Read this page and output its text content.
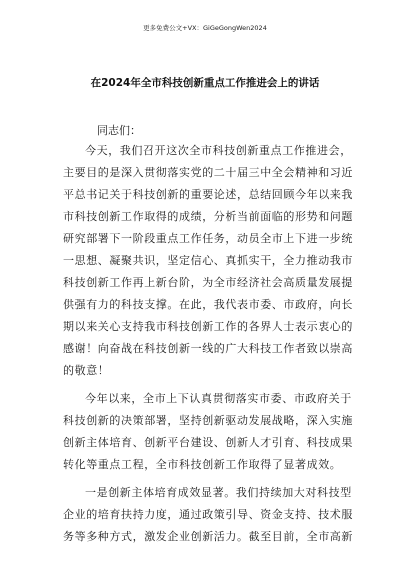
更多免费公文+VX：GiGeGongWen2024
在2024年全市科技创新重点工作推进会上的讲话
同志们：
今天，我们召开这次全市科技创新重点工作推进会，
主要目的是深入贯彻落实党的二十届三中全会精神和习近
平总书记关于科技创新的重要论述，总结回顾今年以来我
市科技创新工作取得的成绩，分析当前面临的形势和问题
研究部署下一阶段重点工作任务，动员全市上下进一步统
一思想、凝聚共识，坚定信心、真抓实干，全力推动我市
科技创新工作再上新台阶，为全市经济社会高质量发展提
供强有力的科技支撑。在此，我代表市委、市政府，向长
期以来关心支持我市科技创新工作的各界人士表示衷心的
感谢！向奋战在科技创新一线的广大科技工作者致以崇高
的敬意！
今年以来，全市上下认真贯彻落实市委、市政府关于
科技创新的决策部署，坚持创新驱动发展战略，深入实施
创新主体培育、创新平台建设、创新人才引育、科技成果
转化等重点工程，全市科技创新工作取得了显著成效。
一是创新主体培育成效显著。我们持续加大对科技型
企业的培育扶持力度，通过政策引导、资金支持、技术服
务等多种方式，激发企业创新活力。截至目前，全市高新
